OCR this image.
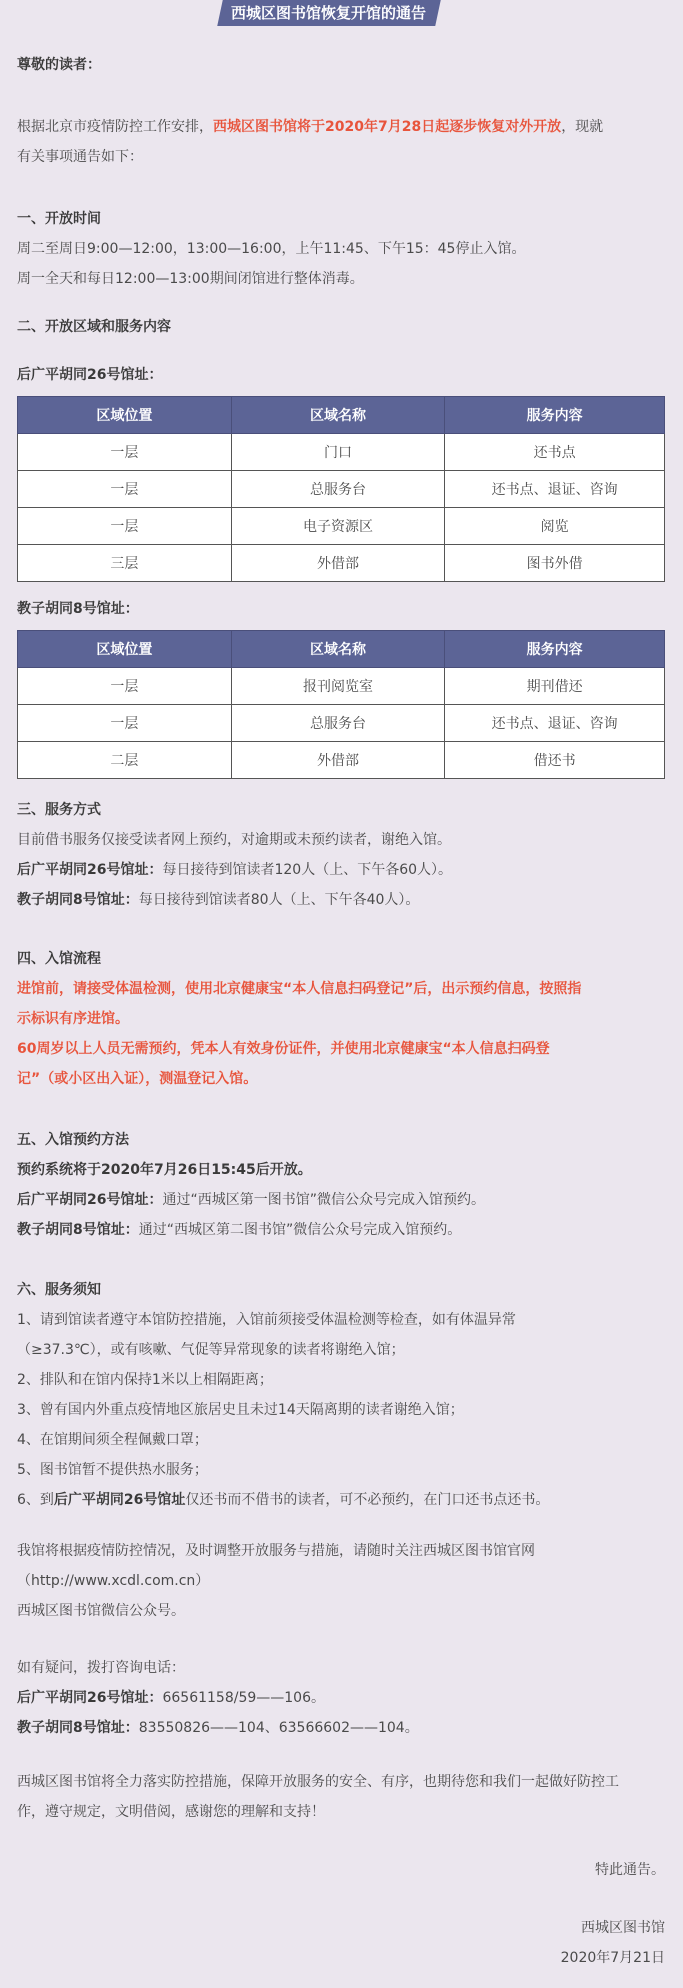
西城区图书馆恢复开馆的通告
尊敬的读者：
根据北京市疫情防控工作安排，西城区图书馆将于2020年7月28日起逐步恢复对外开放，现就
有关事项通告如下：
一、开放时间
周二至周日9:00—12:00，13:00—16:00，上午11:45、下午15：45停止入馆。
周一全天和每日12:00—13:00期间闭馆进行整体消毒。
二、开放区域和服务内容
后广平胡同26号馆址：
区域位置	区域名称	服务内容
一层	门口	还书点
一层	总服务台	还书点、退证、咨询
一层	电子资源区	阅览
三层	外借部	图书外借
教子胡同8号馆址：
区域位置	区域名称	服务内容
一层	报刊阅览室	期刊借还
一层	总服务台	还书点、退证、咨询
二层	外借部	借还书
三、服务方式
目前借书服务仅接受读者网上预约，对逾期或未预约读者，谢绝入馆。
后广平胡同26号馆址：每日接待到馆读者120人（上、下午各60人）。
教子胡同8号馆址：每日接待到馆读者80人（上、下午各40人）。
四、入馆流程
进馆前，请接受体温检测，使用北京健康宝“本人信息扫码登记”后，出示预约信息，按照指
示标识有序进馆。
60周岁以上人员无需预约，凭本人有效身份证件，并使用北京健康宝“本人信息扫码登
记”（或小区出入证），测温登记入馆。
五、入馆预约方法
预约系统将于2020年7月26日15:45后开放。
后广平胡同26号馆址：通过“西城区第一图书馆”微信公众号完成入馆预约。
教子胡同8号馆址：通过“西城区第二图书馆”微信公众号完成入馆预约。
六、服务须知
1、请到馆读者遵守本馆防控措施，入馆前须接受体温检测等检查，如有体温异常
（≥37.3℃），或有咳嗽、气促等异常现象的读者将谢绝入馆；
2、排队和在馆内保持1米以上相隔距离；
3、曾有国内外重点疫情地区旅居史且未过14天隔离期的读者谢绝入馆；
4、在馆期间须全程佩戴口罩；
5、图书馆暂不提供热水服务；
6、到后广平胡同26号馆址仅还书而不借书的读者，可不必预约，在门口还书点还书。
我馆将根据疫情防控情况，及时调整开放服务与措施，请随时关注西城区图书馆官网
（http://www.xcdl.com.cn）
西城区图书馆微信公众号。
如有疑问，拨打咨询电话：
后广平胡同26号馆址：66561158/59——106。
教子胡同8号馆址：83550826——104、63566602——104。
西城区图书馆将全力落实防控措施，保障开放服务的安全、有序，也期待您和我们一起做好防控工
作，遵守规定，文明借阅，感谢您的理解和支持！
特此通告。
西城区图书馆
2020年7月21日
